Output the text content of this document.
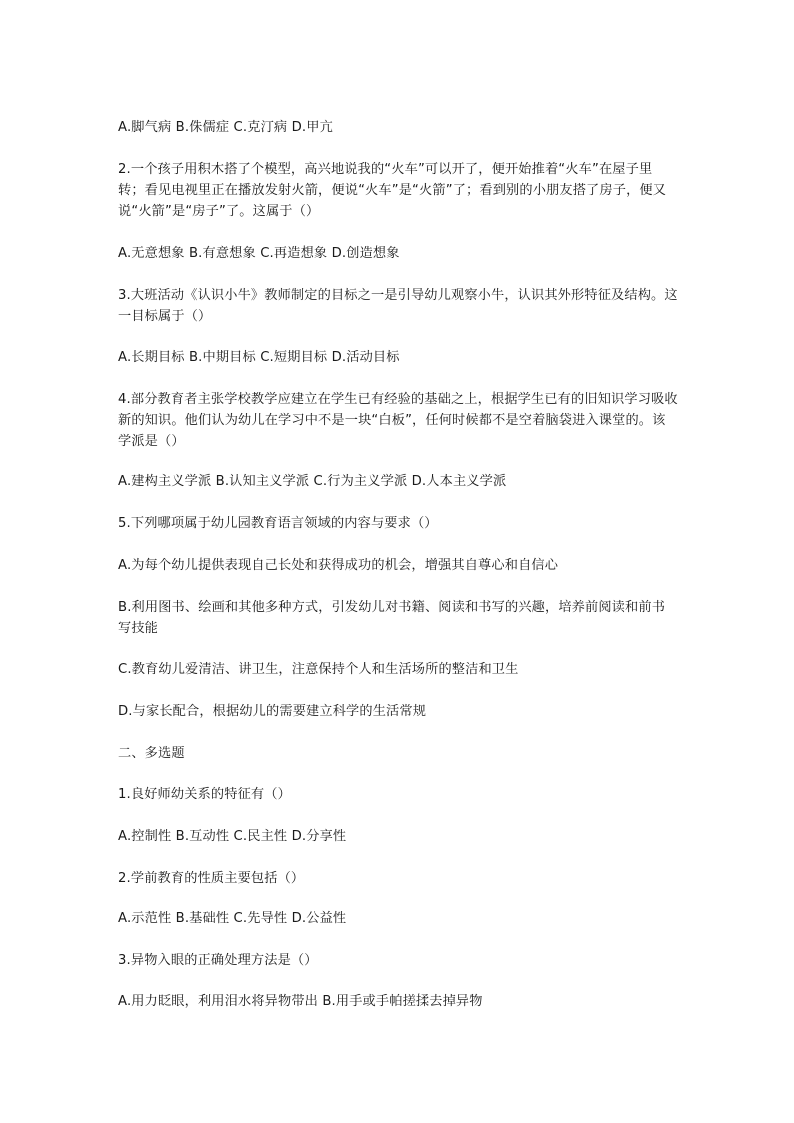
A.脚气病 B.侏儒症 C.克汀病 D.甲亢

2.一个孩子用积木搭了个模型，高兴地说我的“火车”可以开了，便开始推着“火车”在屋子里转；看见电视里正在播放发射火箭，便说“火车”是“火箭”了；看到别的小朋友搭了房子，便又说“火箭”是“房子”了。这属于（）

A.无意想象 B.有意想象 C.再造想象 D.创造想象

3.大班活动《认识小牛》教师制定的目标之一是引导幼儿观察小牛，认识其外形特征及结构。这一目标属于（）

A.长期目标 B.中期目标 C.短期目标 D.活动目标

4.部分教育者主张学校教学应建立在学生已有经验的基础之上，根据学生已有的旧知识学习吸收新的知识。他们认为幼儿在学习中不是一块“白板”，任何时候都不是空着脑袋进入课堂的。该学派是（）

A.建构主义学派 B.认知主义学派 C.行为主义学派 D.人本主义学派

5.下列哪项属于幼儿园教育语言领域的内容与要求（）

A.为每个幼儿提供表现自己长处和获得成功的机会，增强其自尊心和自信心

B.利用图书、绘画和其他多种方式，引发幼儿对书籍、阅读和书写的兴趣，培养前阅读和前书写技能

C.教育幼儿爱清洁、讲卫生，注意保持个人和生活场所的整洁和卫生

D.与家长配合，根据幼儿的需要建立科学的生活常规

二、多选题

1.良好师幼关系的特征有（）

A.控制性 B.互动性 C.民主性 D.分享性

2.学前教育的性质主要包括（）

A.示范性 B.基础性 C.先导性 D.公益性

3.异物入眼的正确处理方法是（）

A.用力眨眼，利用泪水将异物带出 B.用手或手帕搓揉去掉异物
